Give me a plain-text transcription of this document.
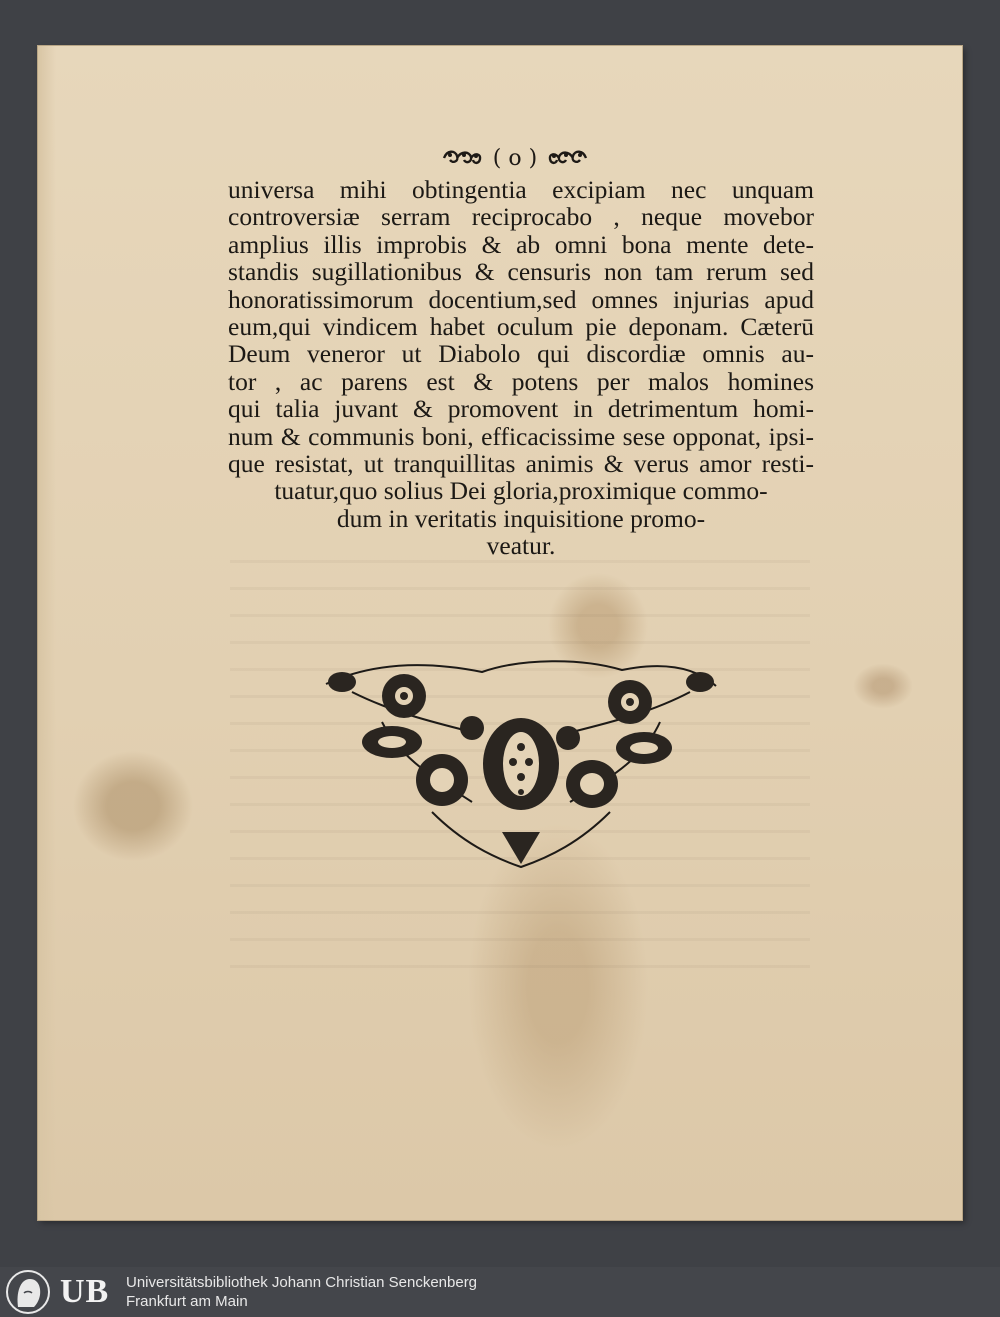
( o )
universa mihi obtingentia excipiam nec unquam
controversiæ serram reciprocabo , neque movebor
amplius illis improbis & ab omni bona mente dete-
standis sugillationibus & censuris non tam rerum sed
honoratissimorum docentium,sed omnes injurias apud
eum,qui vindicem habet oculum pie deponam. Cæterū
Deum veneror ut Diabolo qui discordiæ omnis au-
tor , ac parens est & potens per malos homines
qui talia juvant & promovent in detrimentum homi-
num & communis boni, efficacissime sese opponat, ipsi-
que resistat, ut tranquillitas animis & verus amor resti-
tuatur,quo solius Dei gloria,proximique commo-
dum in veritatis inquisitione promo-
veatur.
UB Universitätsbibliothek Johann Christian Senckenberg
Frankfurt am Main
